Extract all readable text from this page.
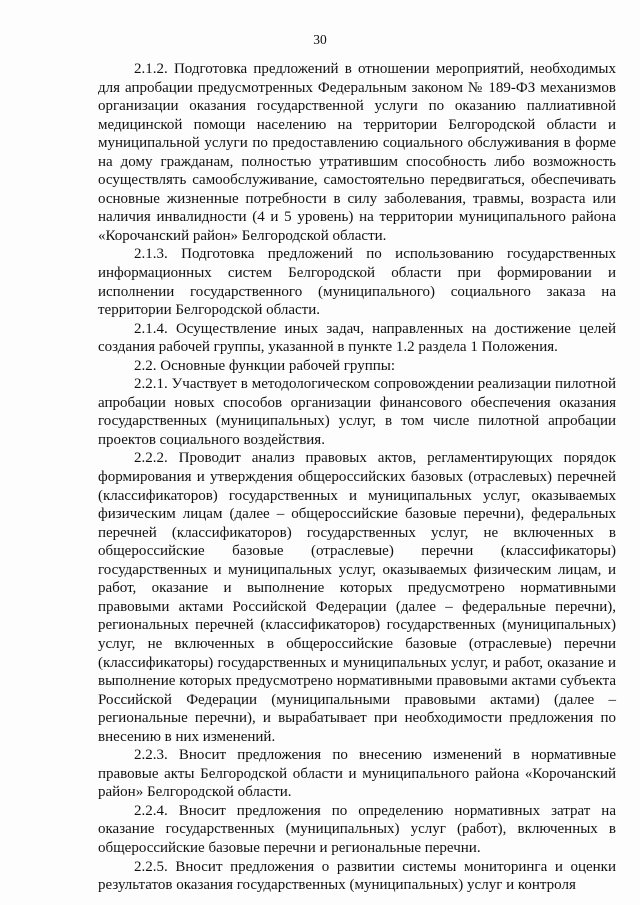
30

2.1.2. Подготовка предложений в отношении мероприятий, необходимых для апробации предусмотренных Федеральным законом № 189-ФЗ механизмов организации оказания государственной услуги по оказанию паллиативной медицинской помощи населению на территории Белгородской области и муниципальной услуги по предоставлению социального обслуживания в форме на дому гражданам, полностью утратившим способность либо возможность осуществлять самообслуживание, самостоятельно передвигаться, обеспечивать основные жизненные потребности в силу заболевания, травмы, возраста или наличия инвалидности (4 и 5 уровень) на территории муниципального района «Корочанский район» Белгородской области.

2.1.3. Подготовка предложений по использованию государственных информационных систем Белгородской области при формировании и исполнении государственного (муниципального) социального заказа на территории Белгородской области.

2.1.4. Осуществление иных задач, направленных на достижение целей создания рабочей группы, указанной в пункте 1.2 раздела 1 Положения.

2.2. Основные функции рабочей группы:

2.2.1. Участвует в методологическом сопровождении реализации пилотной апробации новых способов организации финансового обеспечения оказания государственных (муниципальных) услуг, в том числе пилотной апробации проектов социального воздействия.

2.2.2. Проводит анализ правовых актов, регламентирующих порядок формирования и утверждения общероссийских базовых (отраслевых) перечней (классификаторов) государственных и муниципальных услуг, оказываемых физическим лицам (далее – общероссийские базовые перечни), федеральных перечней (классификаторов) государственных услуг, не включенных в общероссийские базовые (отраслевые) перечни (классификаторы) государственных и муниципальных услуг, оказываемых физическим лицам, и работ, оказание и выполнение которых предусмотрено нормативными правовыми актами Российской Федерации (далее – федеральные перечни), региональных перечней (классификаторов) государственных (муниципальных) услуг, не включенных в общероссийские базовые (отраслевые) перечни (классификаторы) государственных и муниципальных услуг, и работ, оказание и выполнение которых предусмотрено нормативными правовыми актами субъекта Российской Федерации (муниципальными правовыми актами) (далее – региональные перечни), и вырабатывает при необходимости предложения по внесению в них изменений.

2.2.3. Вносит предложения по внесению изменений в нормативные правовые акты Белгородской области и муниципального района «Корочанский район» Белгородской области.

2.2.4. Вносит предложения по определению нормативных затрат на оказание государственных (муниципальных) услуг (работ), включенных в общероссийские базовые перечни и региональные перечни.

2.2.5. Вносит предложения о развитии системы мониторинга и оценки результатов оказания государственных (муниципальных) услуг и контроля
